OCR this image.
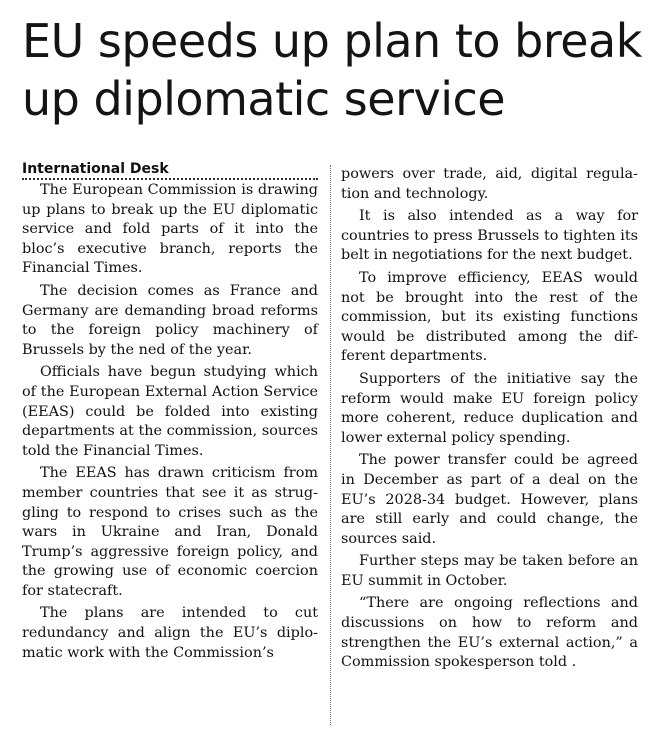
EU speeds up plan to break up diplomatic service
International Desk

The European Commission is drawing up plans to break up the EU diplomatic service and fold parts of it into the bloc’s executive branch, reports the Financial Times.

The decision comes as France and Germany are demanding broad reforms to the foreign policy machinery of Brussels by the ned of the year.

Officials have begun studying which of the European External Action Service (EEAS) could be folded into existing departments at the commission, sources told the Financial Times.

The EEAS has drawn criticism from member countries that see it as struggling to respond to crises such as the wars in Ukraine and Iran, Donald Trump’s aggressive foreign policy, and the growing use of economic coercion for statecraft.

The plans are intended to cut redundancy and align the EU’s diplomatic work with the Commission’s

powers over trade, aid, digital regulation and technology.

It is also intended as a way for countries to press Brussels to tighten its belt in negotiations for the next budget.

To improve efficiency, EEAS would not be brought into the rest of the commission, but its existing functions would be distributed among the different departments.

Supporters of the initiative say the reform would make EU foreign policy more coherent, reduce duplication and lower external policy spending.

The power transfer could be agreed in December as part of a deal on the EU’s 2028-34 budget. However, plans are still early and could change, the sources said.

Further steps may be taken before an EU summit in October.

“There are ongoing reflections and discussions on how to reform and strengthen the EU’s external action,” a Commission spokesperson told .
